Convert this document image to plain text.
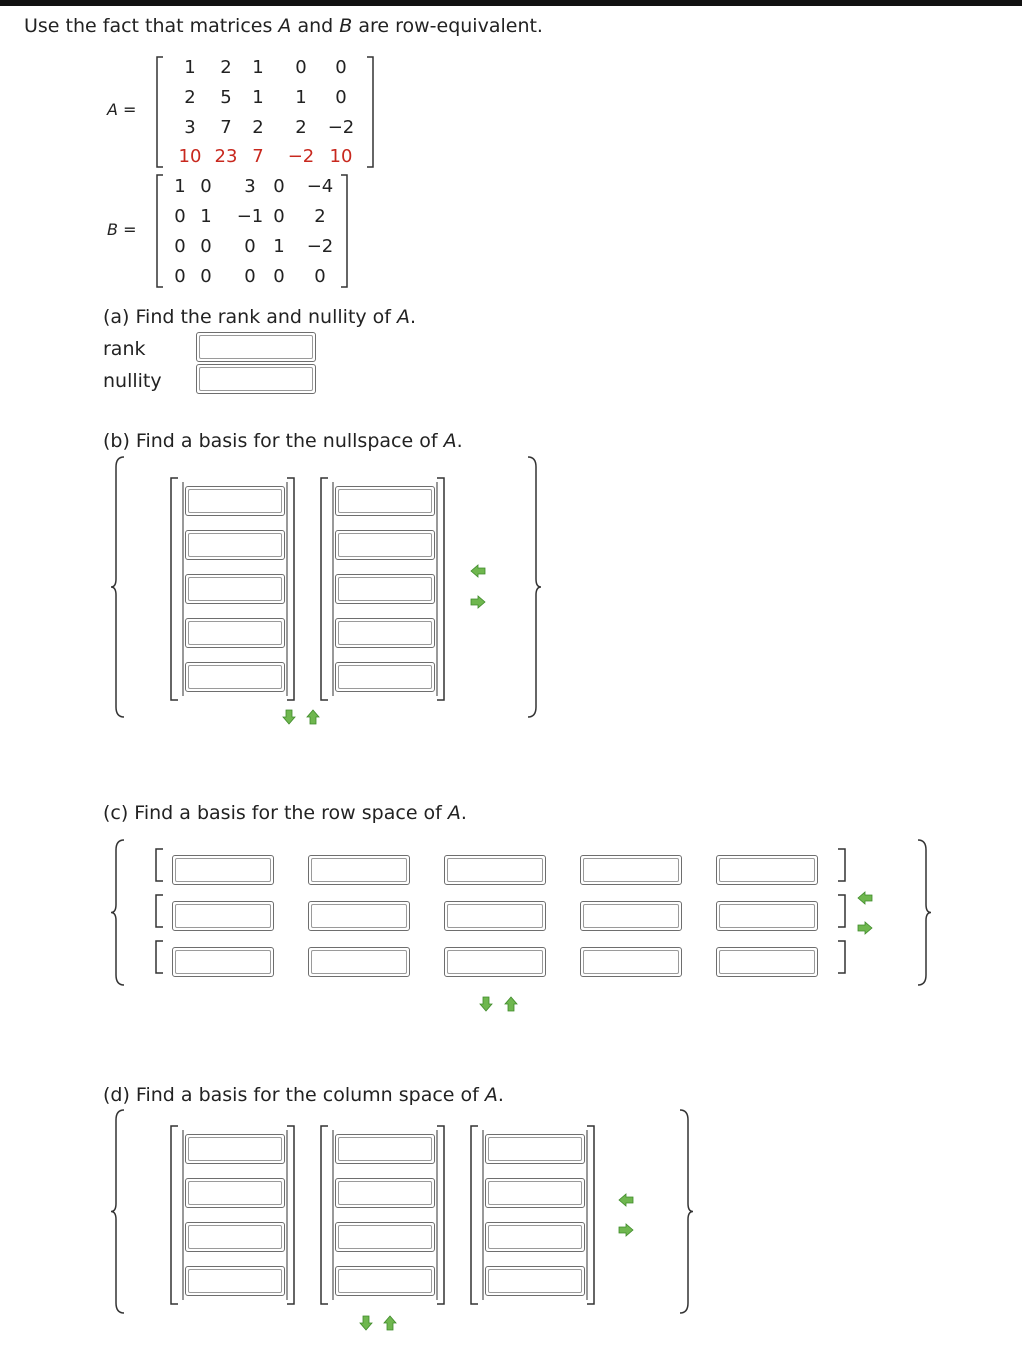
Use the fact that matrices A and B are row-equivalent.
A =
B =
(a) Find the rank and nullity of A.
rank
nullity
(b) Find a basis for the nullspace of A.
(c) Find a basis for the row space of A.
(d) Find a basis for the column space of A.
1	2	1	0	0
2	5	1	1	0
3	7	2	2	−2
10 23 7	−2 10
1 0	3 0	−4
0 1	−1 0	2
0 0	0 1	−2
0 0	0 0	0
